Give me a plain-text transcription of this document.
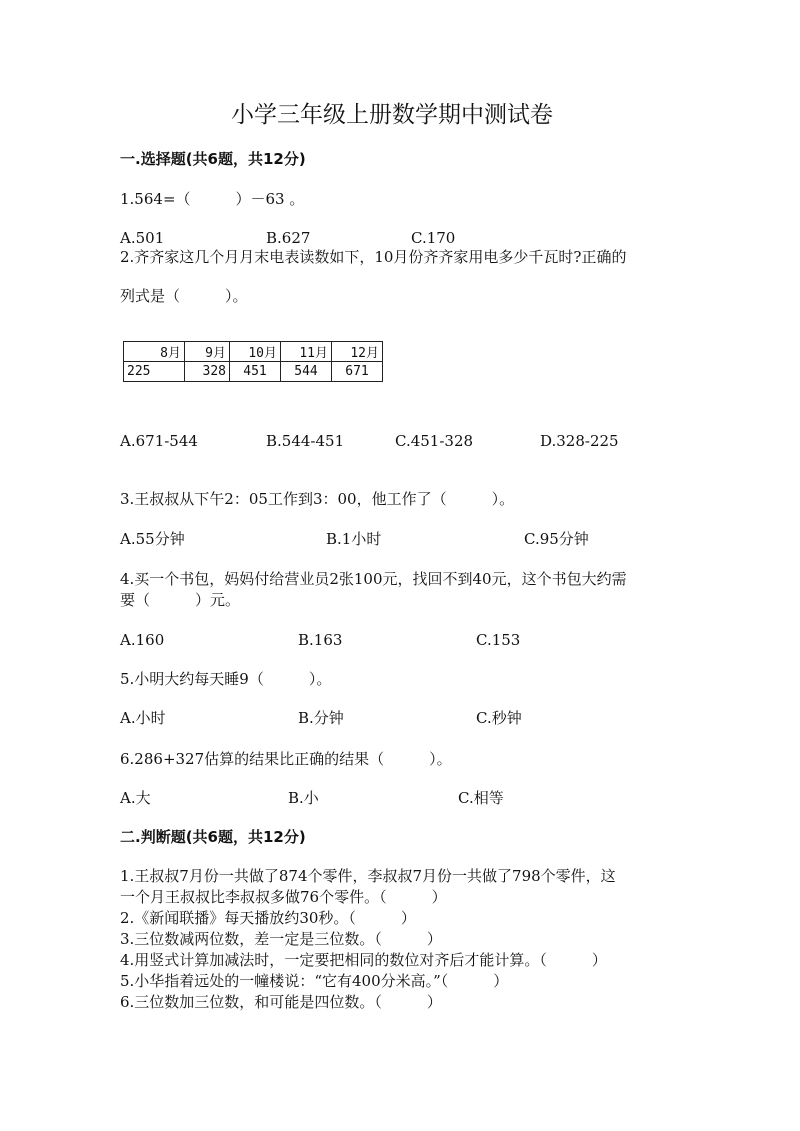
小学三年级上册数学期中测试卷
一.选择题(共6题，共12分)
1.564=（　　　）－63 。
A.501	B.627	C.170
2.齐齐家这几个月月末电表读数如下，10月份齐齐家用电多少千瓦时?正确的
列式是（　　　）。
8月	9月	10月	11月	12月
225	328	451	544	671
A.671-544	B.544-451	C.451-328	D.328-225
3.王叔叔从下午2：05工作到3：00，他工作了（　　　）。
A.55分钟	B.1小时	C.95分钟
4.买一个书包，妈妈付给营业员2张100元，找回不到40元，这个书包大约需
要（　　　）元。
A.160	B.163	C.153
5.小明大约每天睡9（　　　）。
A.小时	B.分钟	C.秒钟
6.286+327估算的结果比正确的结果（　　　）。
A.大	B.小	C.相等
二.判断题(共6题，共12分)
1.王叔叔7月份一共做了874个零件，李叔叔7月份一共做了798个零件，这
一个月王叔叔比李叔叔多做76个零件。（　　　）
2.《新闻联播》每天播放约30秒。（　　　）
3.三位数减两位数，差一定是三位数。（　　　）
4.用竖式计算加减法时，一定要把相同的数位对齐后才能计算。（　　　）
5.小华指着远处的一幢楼说：“它有400分米高。”（　　　）
6.三位数加三位数，和可能是四位数。（　　　）
